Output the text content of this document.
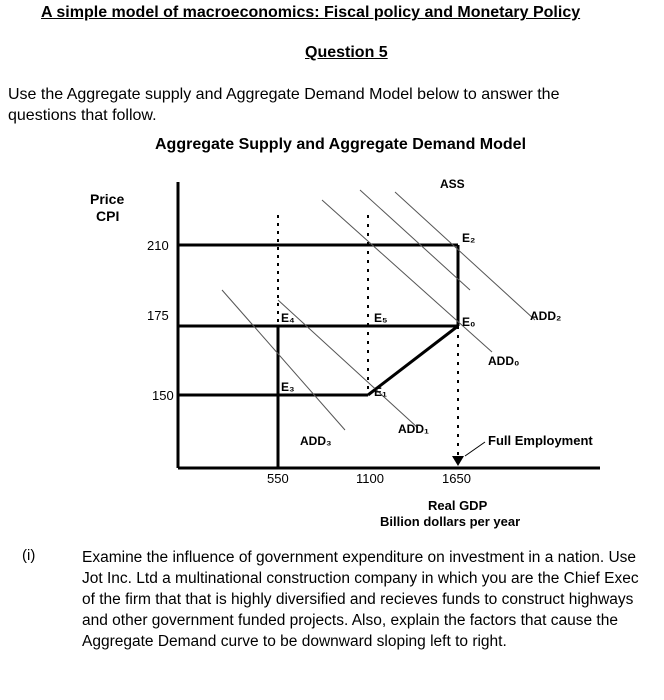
A simple model of macroeconomics: Fiscal policy and Monetary Policy
Question 5
Use the Aggregate supply and Aggregate Demand Model below to answer the questions that follow.
Aggregate Supply and Aggregate Demand Model
Price
CPI
Real GDP
Billion dollars per year
210
175
150
550	1100	1650
ASS
Full Employment
ADD₂
ADD₀
ADD₁
ADD₃
E₂
E₀
E₄	E₅
E₃	E₁
(i)	Examine the influence of government expenditure on investment in a nation. Use Jot Inc. Ltd a multinational construction company in which you are the Chief Exec of the firm that that is highly diversified and recieves funds to construct highways and other government funded projects. Also, explain the factors that cause the Aggregate Demand curve to be downward sloping left to right.
